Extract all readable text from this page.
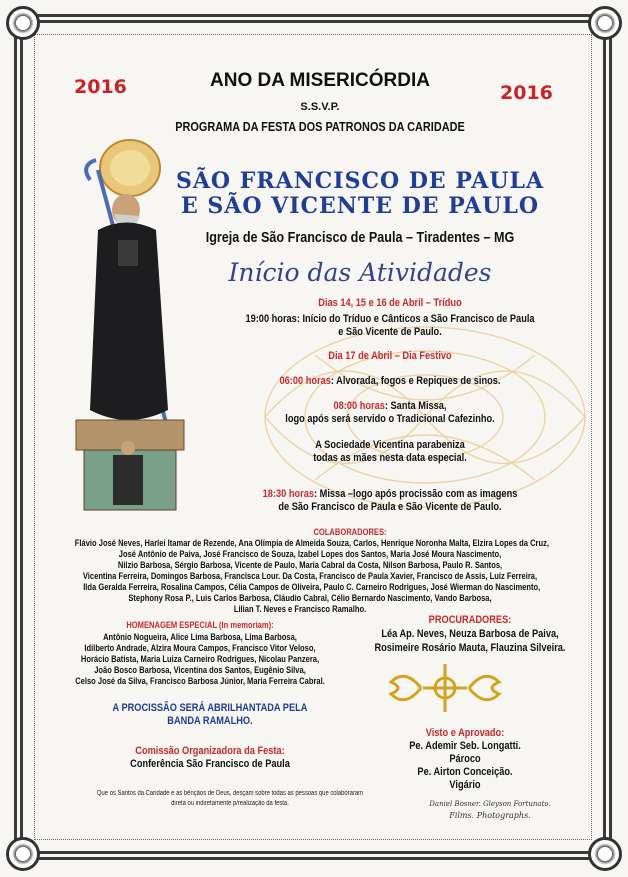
2016	2016
ANO DA MISERICÓRDIA
S.S.V.P.
PROGRAMA DA FESTA DOS PATRONOS DA CARIDADE
SÃO FRANCISCO DE PAULA
E SÃO VICENTE DE PAULO
Igreja de São Francisco de Paula – Tiradentes – MG
Início das Atividades
Dias 14, 15 e 16 de Abril – Tríduo
19:00 horas: Início do Tríduo e Cânticos a São Francisco de Paula
e São Vicente de Paulo.
Dia 17 de Abril – Dia Festivo
06:00 horas: Alvorada, fogos e Repiques de sinos.
08:00 horas: Santa Missa,
logo após será servido o Tradicional Cafezinho.
A Sociedade Vicentina parabeniza
todas as mães nesta data especial.
18:30 horas: Missa –logo após procissão com as imagens
de São Francisco de Paula e São Vicente de Paulo.
COLABORADORES:
Flávio José Neves, Harlei Itamar de Rezende, Ana Olímpia de Almeida Souza, Carlos, Henrique Noronha Malta, Elzira Lopes da Cruz,
José Antônio de Paiva, José Francisco de Souza, Izabel Lopes dos Santos, Maria José Moura Nascimento,
Nilzio Barbosa, Sérgio Barbosa, Vicente de Paulo, Maria Cabral da Costa, Nilson Barbosa, Paulo R. Santos,
Vicentina Ferreira, Domingos Barbosa, Francisca Lour. Da Costa, Francisco de Paula Xavier, Francisco de Assis, Luiz Ferreira,
Ilda Geralda Ferreira, Rosalina Campos, Célia Campos de Oliveira, Paulo C. Carneiro Rodrigues, José Wierman do Nascimento,
Stephony Rosa P., Luis Carlos Barbosa, Cláudio Cabral, Célio Bernardo Nascimento, Vando Barbosa,
Lilian T. Neves e Francisco Ramalho.
HOMENAGEM ESPECIAL (In memoriam):
Antônio Nogueira, Alice Lima Barbosa, Lima Barbosa,
Idilberto Andrade, Alzira Moura Campos, Francisco Vitor Veloso,
Horácio Batista, Maria Luiza Carneiro Rodrigues, Nicolau Panzera,
João Bosco Barbosa, Vicentina dos Santos, Eugênio Silva,
Celso José da Silva, Francisco Barbosa Júnior, Maria Ferreira Cabral.
PROCURADORES:
Léa Ap. Neves, Neuza Barbosa de Paiva,
Rosimeire Rosário Mauta, Flauzina Silveira.
A PROCISSÃO SERÁ ABRILHANTADA PELA
BANDA RAMALHO.
Comissão Organizadora da Festa:
Conferência São Francisco de Paula
Visto e Aprovado:
Pe. Ademir Seb. Longatti.
Pároco
Pe. Airton Conceição.
Vigário
Que os Santos da Caridade e as bênçãos de Deus, desçam sobre todas as pessoas que colaboraram
direta ou indiretamente p/realização da festa.	Daniel Bosner. Gleyson Fortunato.
Films. Photographs.
